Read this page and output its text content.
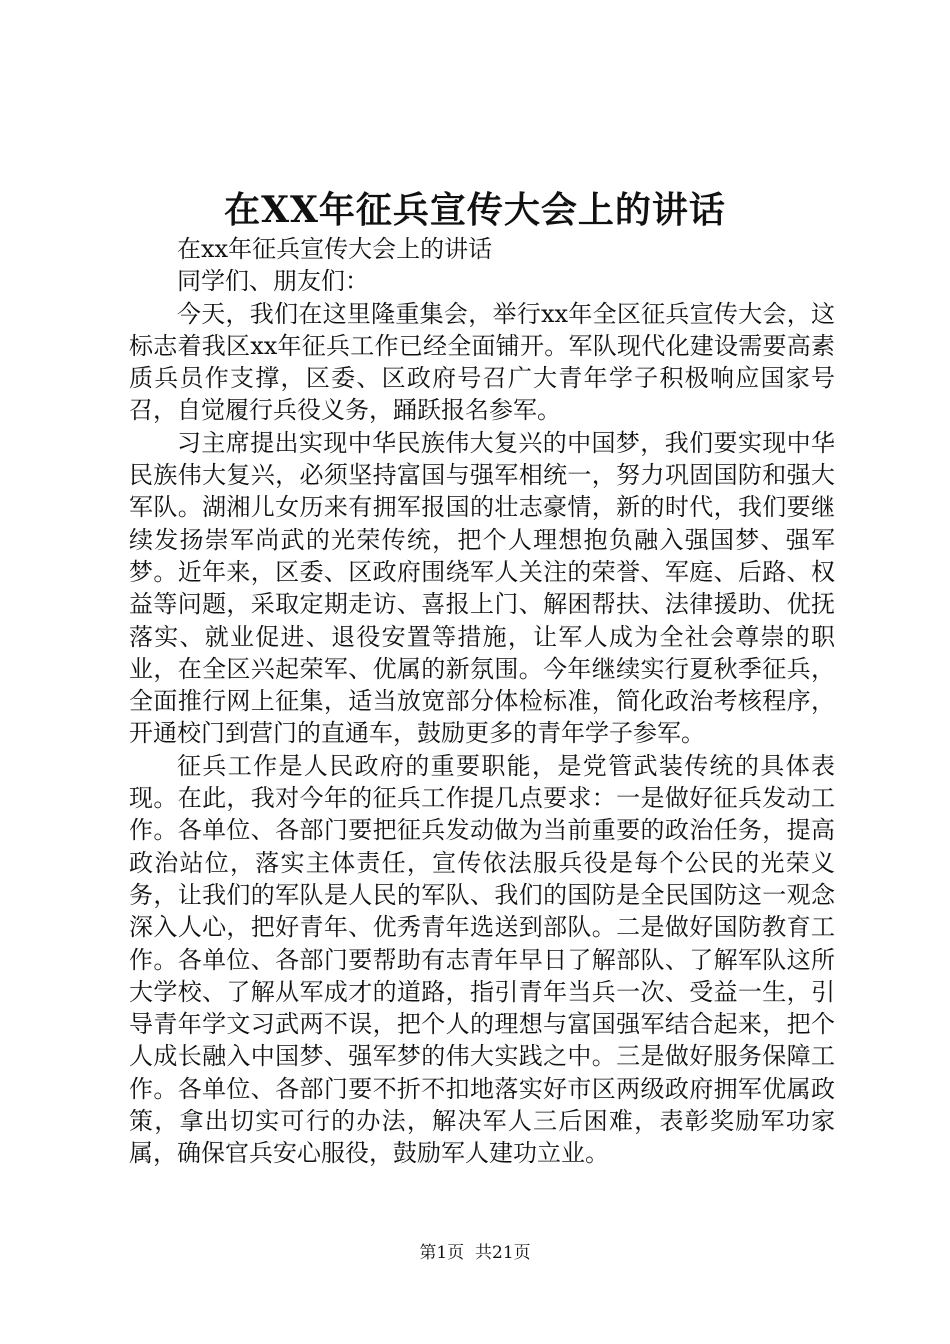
在XX年征兵宣传大会上的讲话

在xx年征兵宣传大会上的讲话

同学们、朋友们：

今天，我们在这里隆重集会，举行xx年全区征兵宣传大会，这标志着我区xx年征兵工作已经全面铺开。军队现代化建设需要高素质兵员作支撑，区委、区政府号召广大青年学子积极响应国家号召，自觉履行兵役义务，踊跃报名参军。

习主席提出实现中华民族伟大复兴的中国梦，我们要实现中华民族伟大复兴，必须坚持富国与强军相统一，努力巩固国防和强大军队。湖湘儿女历来有拥军报国的壮志豪情，新的时代，我们要继续发扬崇军尚武的光荣传统，把个人理想抱负融入强国梦、强军梦。近年来，区委、区政府围绕军人关注的荣誉、军庭、后路、权益等问题，采取定期走访、喜报上门、解困帮扶、法律援助、优抚落实、就业促进、退役安置等措施，让军人成为全社会尊崇的职业，在全区兴起荣军、优属的新氛围。今年继续实行夏秋季征兵，全面推行网上征集，适当放宽部分体检标准，简化政治考核程序，开通校门到营门的直通车，鼓励更多的青年学子参军。

征兵工作是人民政府的重要职能，是党管武装传统的具体表现。在此，我对今年的征兵工作提几点要求：一是做好征兵发动工作。各单位、各部门要把征兵发动做为当前重要的政治任务，提高政治站位，落实主体责任，宣传依法服兵役是每个公民的光荣义务，让我们的军队是人民的军队、我们的国防是全民国防这一观念深入人心，把好青年、优秀青年选送到部队。二是做好国防教育工作。各单位、各部门要帮助有志青年早日了解部队、了解军队这所大学校、了解从军成才的道路，指引青年当兵一次、受益一生，引导青年学文习武两不误，把个人的理想与富国强军结合起来，把个人成长融入中国梦、强军梦的伟大实践之中。三是做好服务保障工作。各单位、各部门要不折不扣地落实好市区两级政府拥军优属政策，拿出切实可行的办法，解决军人三后困难，表彰奖励军功家属，确保官兵安心服役，鼓励军人建功立业。

第1页 共21页
